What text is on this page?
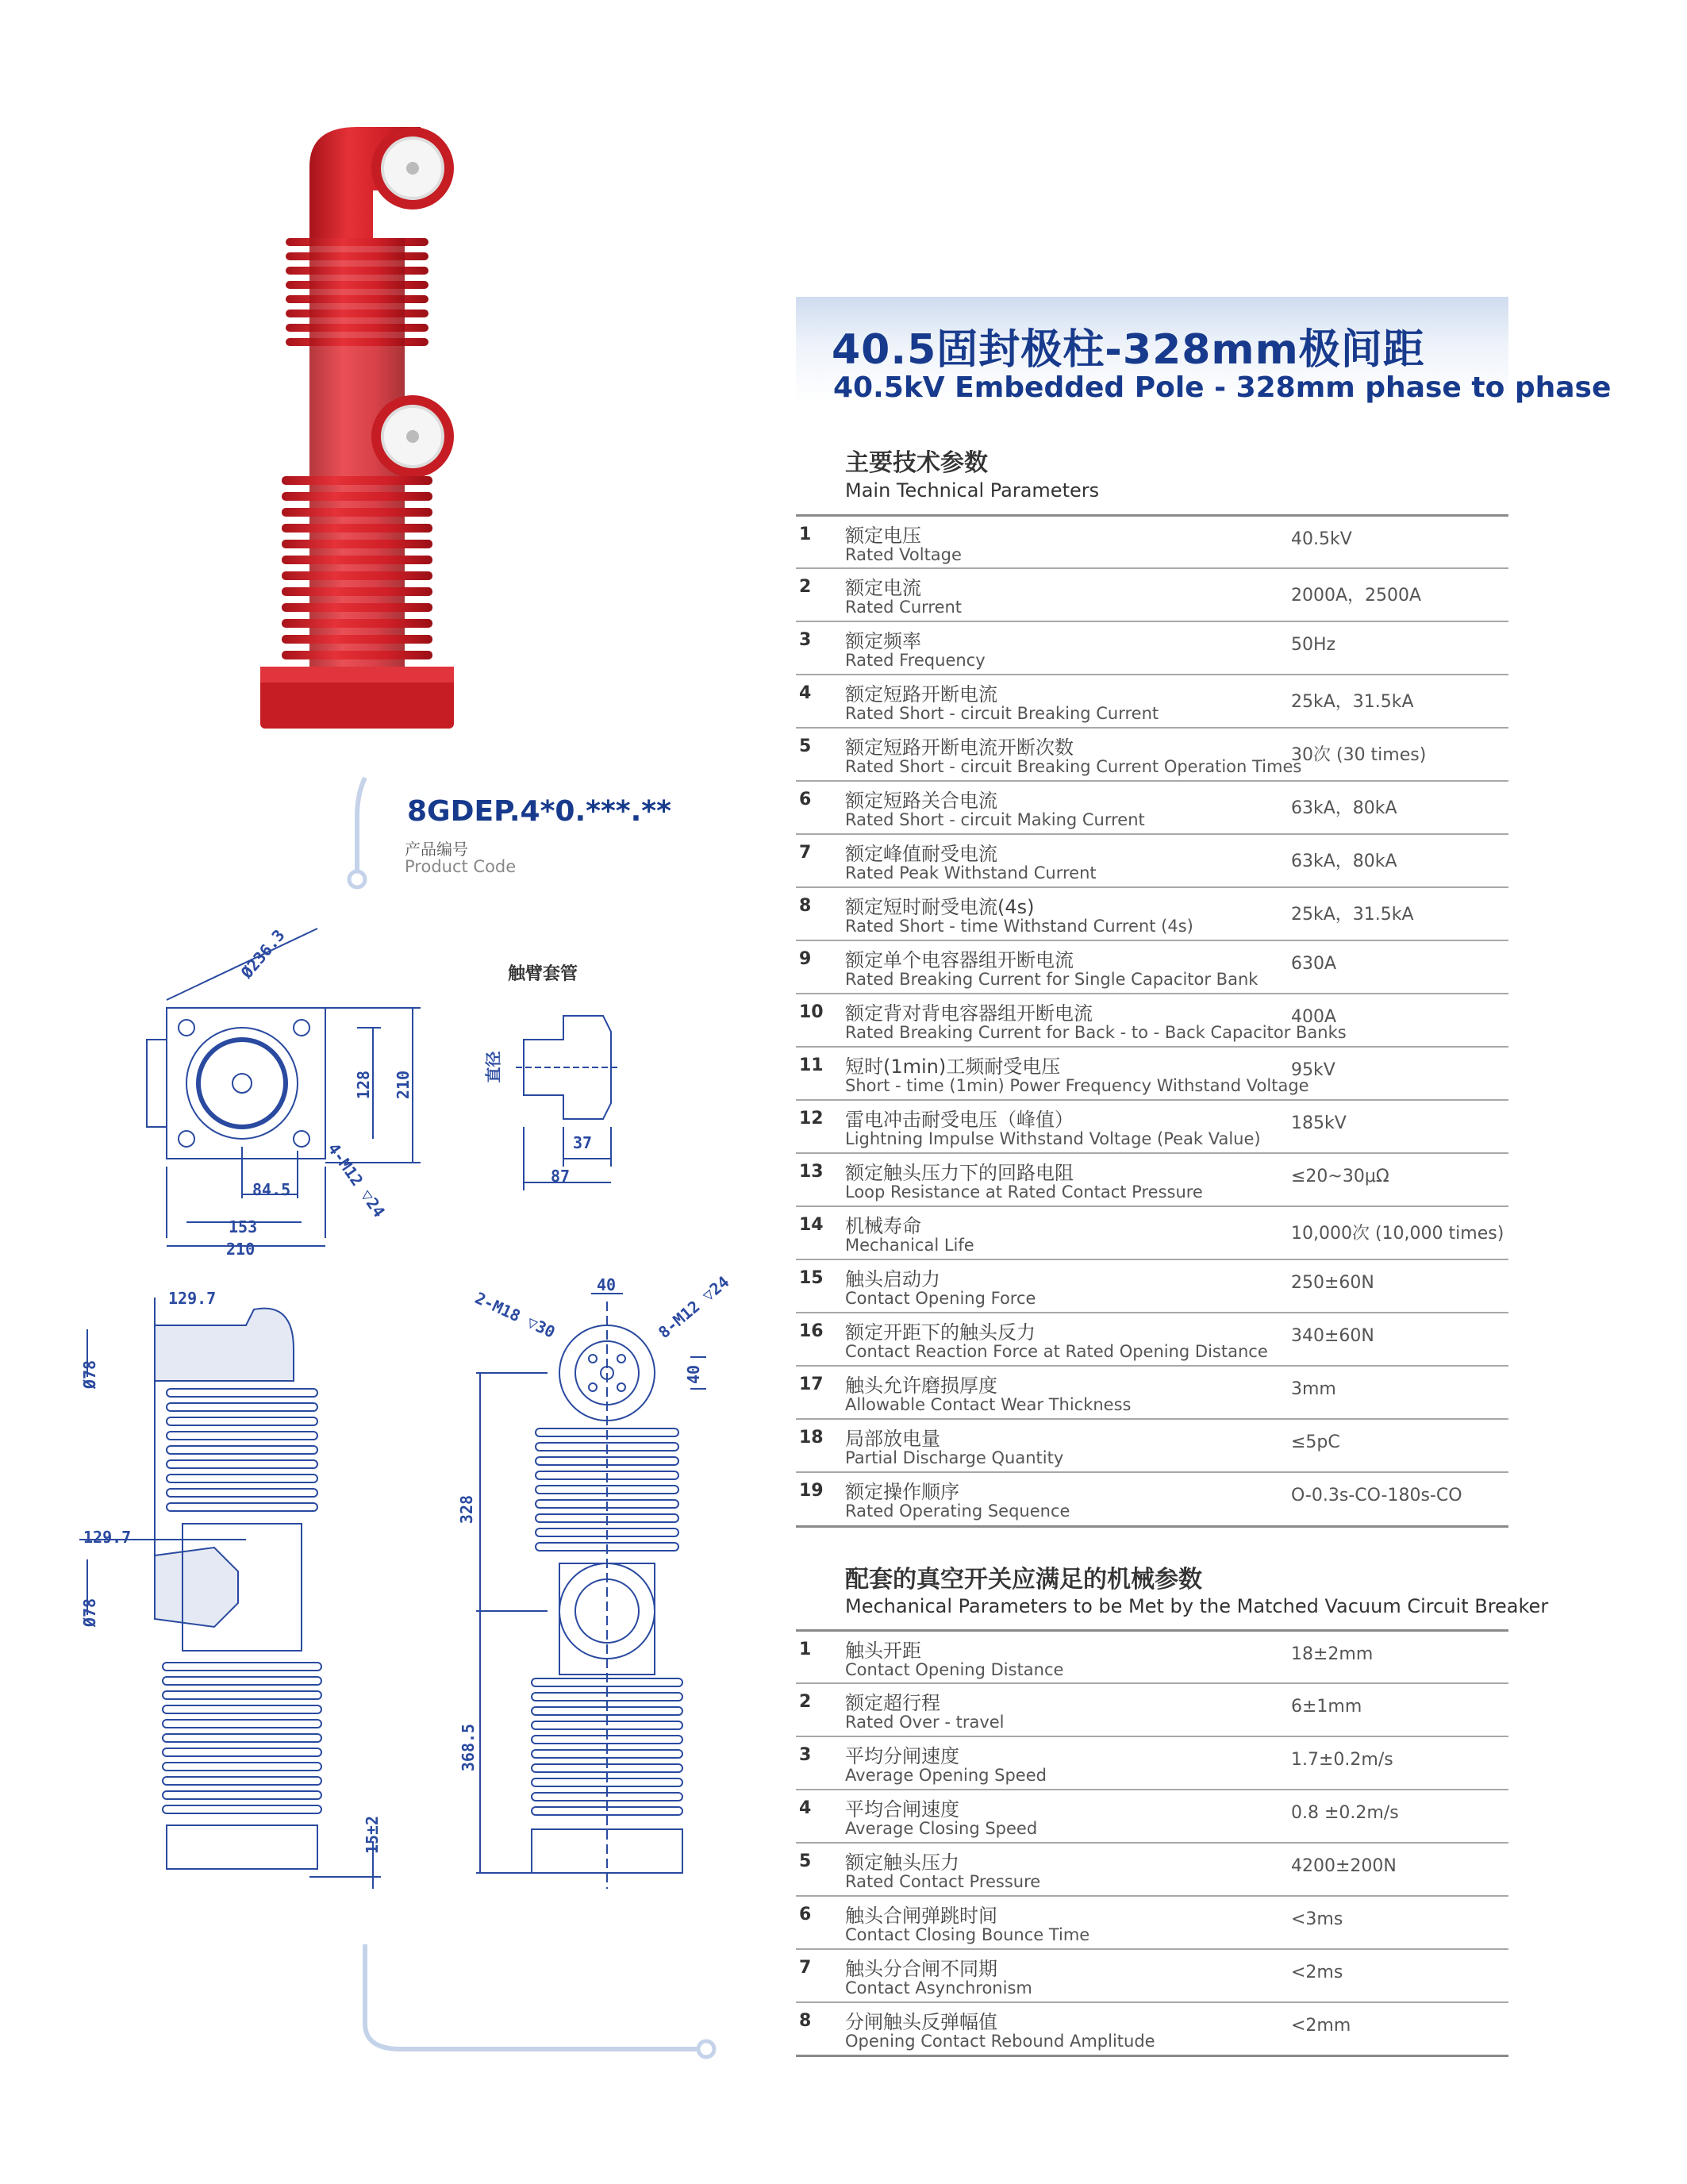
40.5固封极柱-328mm极间距
40.5kV Embedded Pole - 328mm phase to phase
8GDEP.4*0.***.**
产品编号
Product Code
Ø236.3
128 210
84.5
153
210
4-M12 ▽24
触臂套管
直径
37
87
129.7
Ø78
129.7
Ø78
15±2
2-M18 ▽30
40 8-M12 ▽24
40
328
368.5
主要技术参数
Main Technical Parameters
1 额定电压
Rated Voltage
40.5kV
2 额定电流
Rated Current
2000A，2500A
3 额定频率
Rated Frequency
50Hz
4 额定短路开断电流
Rated Short - circuit Breaking Current
25kA，31.5kA
5 额定短路开断电流开断次数
Rated Short - circuit Breaking Current Operation Times
30次 (30 times)
6 额定短路关合电流
Rated Short - circuit Making Current
63kA，80kA
7 额定峰值耐受电流
Rated Peak Withstand Current
63kA，80kA
8 额定短时耐受电流(4s)
Rated Short - time Withstand Current (4s)
25kA，31.5kA
9 额定单个电容器组开断电流
Rated Breaking Current for Single Capacitor Bank
630A
10 额定背对背电容器组开断电流
Rated Breaking Current for Back - to - Back Capacitor Banks
400A
11 短时(1min)工频耐受电压
Short - time (1min) Power Frequency Withstand Voltage
95kV
12 雷电冲击耐受电压（峰值）
Lightning Impulse Withstand Voltage (Peak Value)
185kV
13 额定触头压力下的回路电阻
Loop Resistance at Rated Contact Pressure
≤20~30μΩ
14 机械寿命
Mechanical Life
10,000次 (10,000 times)
15 触头启动力
Contact Opening Force
250±60N
16 额定开距下的触头反力
Contact Reaction Force at Rated Opening Distance
340±60N
17 触头允许磨损厚度
Allowable Contact Wear Thickness
3mm
18 局部放电量
Partial Discharge Quantity
≤5pC
19 额定操作顺序
Rated Operating Sequence
O-0.3s-CO-180s-CO
配套的真空开关应满足的机械参数
Mechanical Parameters to be Met by the Matched Vacuum Circuit Breaker
1 触头开距
Contact Opening Distance
18±2mm
2 额定超行程
Rated Over - travel
6±1mm
3 平均分闸速度
Average Opening Speed
1.7±0.2m/s
4 平均合闸速度
Average Closing Speed
0.8 ±0.2m/s
5 额定触头压力
Rated Contact Pressure
4200±200N
6 触头合闸弹跳时间
Contact Closing Bounce Time
<3ms
7 触头分合闸不同期
Contact Asynchronism
<2ms
8 分闸触头反弹幅值
Opening Contact Rebound Amplitude
<2mm
